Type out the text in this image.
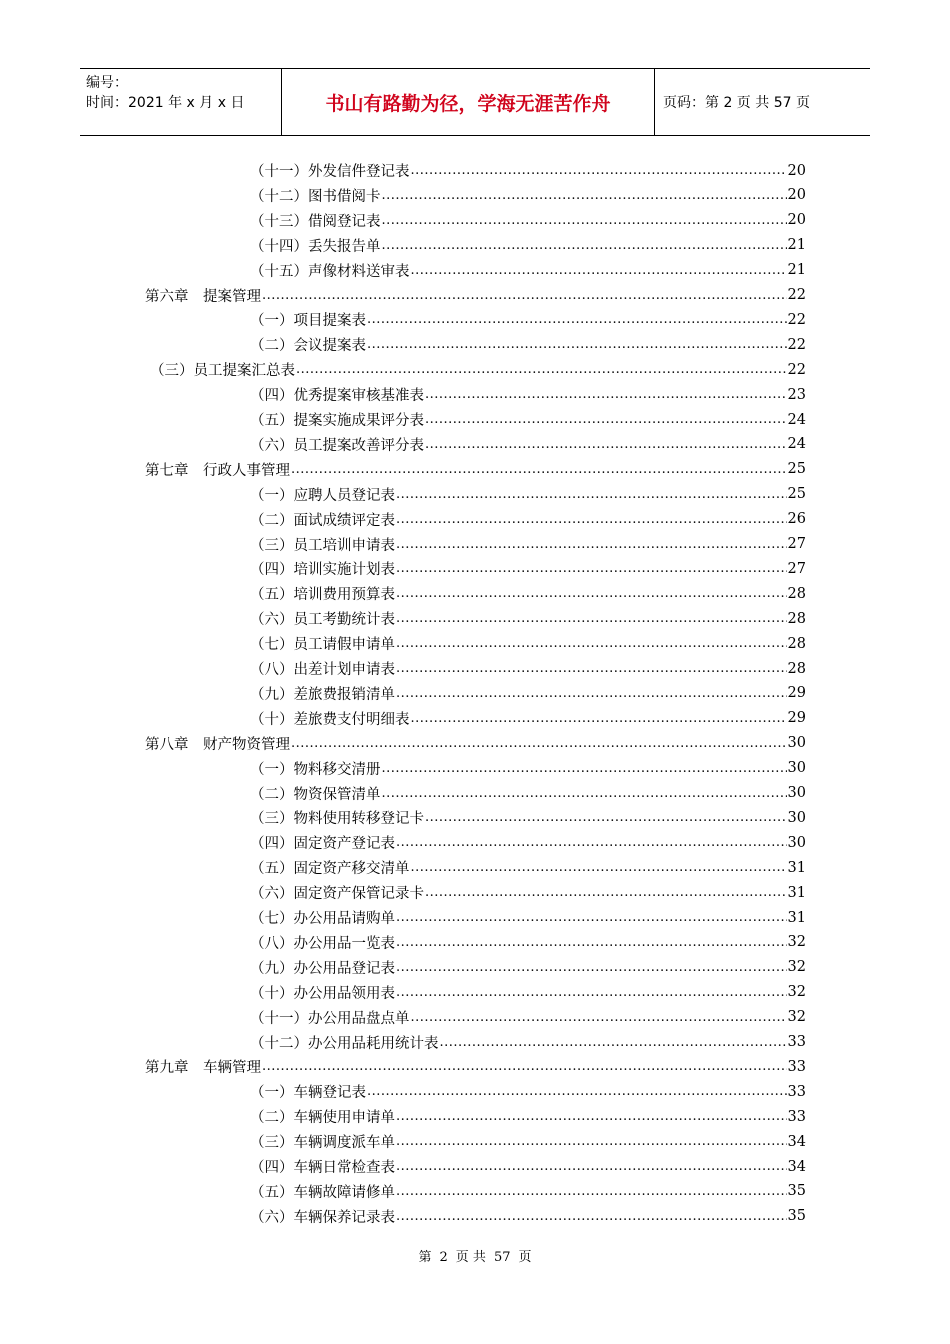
编号：
时间：2021 年 x 月 x 日	书山有路勤为径，学海无涯苦作舟	页码：第 2 页 共 57 页
（十一）外发信件登记表 .....	20
（十二）图书借阅卡 .....	20
（十三）借阅登记表 .....	20
（十四）丢失报告单 .....	21
（十五）声像材料送审表 .....	21
第六章　提案管理 .....	22
（一）项目提案表 .....	22
（二）会议提案表 .....	22
（三）员工提案汇总表 .....	22
（四）优秀提案审核基准表 .....	23
（五）提案实施成果评分表 .....	24
（六）员工提案改善评分表 .....	24
第七章　行政人事管理 .....	25
（一）应聘人员登记表 .....	25
（二）面试成绩评定表 .....	26
（三）员工培训申请表 .....	27
（四）培训实施计划表 .....	27
（五）培训费用预算表 .....	28
（六）员工考勤统计表 .....	28
（七）员工请假申请单 .....	28
（八）出差计划申请表 .....	28
（九）差旅费报销清单 .....	29
（十）差旅费支付明细表 .....	29
第八章　财产物资管理 .....	30
（一）物料移交清册 .....	30
（二）物资保管清单 .....	30
（三）物料使用转移登记卡 .....	30
（四）固定资产登记表 .....	30
（五）固定资产移交清单 .....	31
（六）固定资产保管记录卡 .....	31
（七）办公用品请购单 .....	31
（八）办公用品一览表 .....	32
（九）办公用品登记表 .....	32
（十）办公用品领用表 .....	32
（十一）办公用品盘点单 .....	32
（十二）办公用品耗用统计表 .....	33
第九章　车辆管理 .....	33
（一）车辆登记表 .....	33
（二）车辆使用申请单 .....	33
（三）车辆调度派车单 .....	34
（四）车辆日常检查表 .....	34
（五）车辆故障请修单 .....	35
（六）车辆保养记录表 .....	35
第 2 页 共 57 页
